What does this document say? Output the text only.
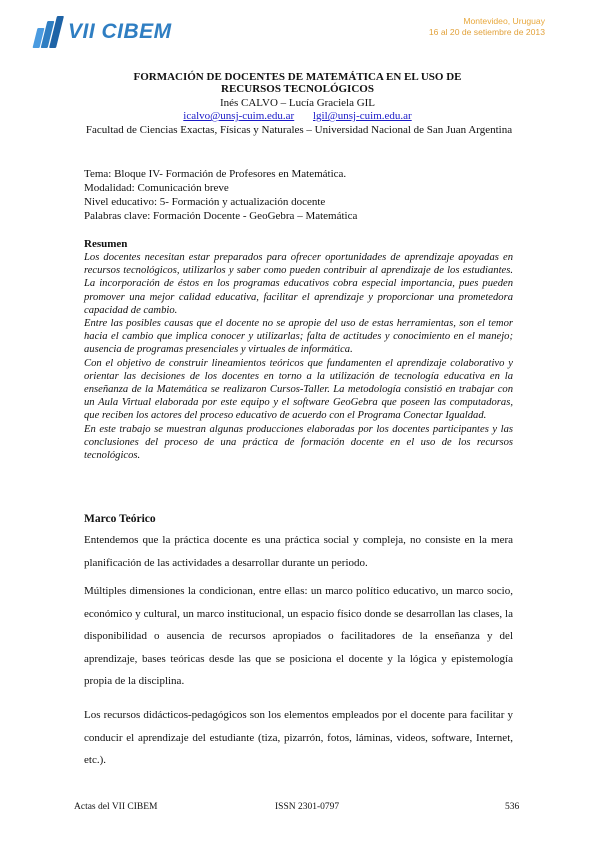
VII CIBEM	Montevideo, Uruguay
16 al 20 de setiembre de 2013
FORMACIÓN DE DOCENTES DE MATEMÁTICA EN EL USO DE
RECURSOS TECNOLÓGICOS
Inés CALVO – Lucía Graciela GIL
icalvo@unsj-cuim.edu.ar lgil@unsj-cuim.edu.ar
Facultad de Ciencias Exactas, Físicas y Naturales – Universidad Nacional de San Juan Argentina
Tema: Bloque IV- Formación de Profesores en Matemática.
Modalidad: Comunicación breve
Nivel educativo: 5- Formación y actualización docente
Palabras clave: Formación Docente - GeoGebra – Matemática
Resumen

Los docentes necesitan estar preparados para ofrecer oportunidades de aprendizaje apoyadas en recursos tecnológicos, utilizarlos y saber como pueden contribuir al aprendizaje de los estudiantes. La incorporación de éstos en los programas educativos cobra especial importancia, pues pueden promover una mejor calidad educativa, facilitar el aprendizaje y proporcionar una prometedora capacidad de cambio.

Entre las posibles causas que el docente no se apropie del uso de estas herramientas, son el temor hacia el cambio que implica conocer y utilizarlas; falta de actitudes y conocimiento en el manejo; ausencia de programas presenciales y virtuales de informática.

Con el objetivo de construir lineamientos teóricos que fundamenten el aprendizaje colaborativo y orientar las decisiones de los docentes en torno a la utilización de tecnología educativa en la enseñanza de la Matemática se realizaron Cursos-Taller. La metodología consistió en trabajar con un Aula Virtual elaborada por este equipo y el software GeoGebra que poseen las computadoras, que reciben los actores del proceso educativo de acuerdo con el Programa Conectar Igualdad.

En este trabajo se muestran algunas producciones elaboradas por los docentes participantes y las conclusiones del proceso de una práctica de formación docente en el uso de los recursos tecnológicos.

Marco Teórico
Entendemos que la práctica docente es una práctica social y compleja, no consiste en la mera planificación de las actividades a desarrollar durante un periodo.
Múltiples dimensiones la condicionan, entre ellas: un marco político educativo, un marco socio, económico y cultural, un marco institucional, un espacio físico donde se desarrollan las clases, la disponibilidad o ausencia de recursos apropiados o facilitadores de la enseñanza y del aprendizaje, bases teóricas desde las que se posiciona el docente y la lógica y epistemología propia de la disciplina.
Los recursos didácticos-pedagógicos son los elementos empleados por el docente para facilitar y conducir el aprendizaje del estudiante (tiza, pizarrón, fotos, láminas, videos, software, Internet, etc.).
Actas del VII CIBEM	ISSN 2301-0797	536
